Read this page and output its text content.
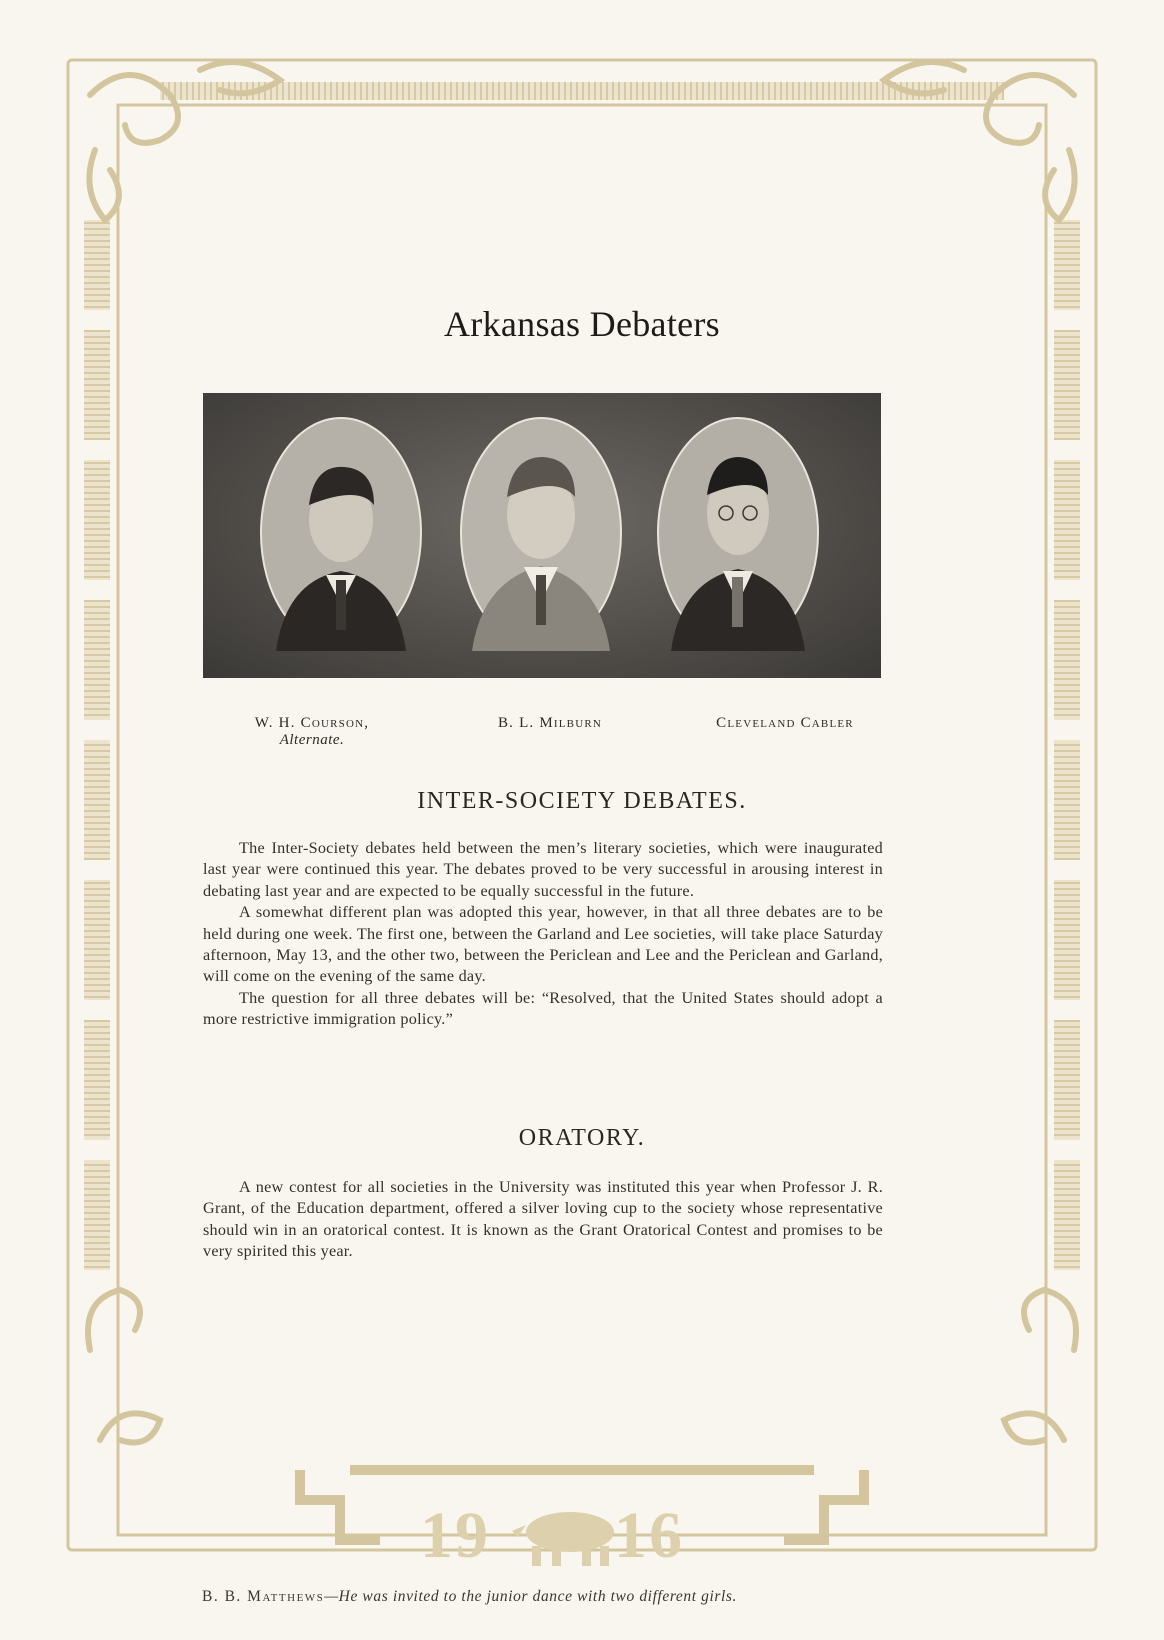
Arkansas Debaters
W. H. Courson,
Alternate.
B. L. Milburn	Cleveland Cabler
INTER-SOCIETY DEBATES.

The Inter-Society debates held between the men’s literary societies, which were inaugurated last year were continued this year. The debates proved to be very successful in arousing interest in debating last year and are expected to be equally successful in the future.

A somewhat different plan was adopted this year, however, in that all three debates are to be held during one week. The first one, between the Garland and Lee societies, will take place Saturday afternoon, May 13, and the other two, between the Periclean and Lee and the Periclean and Garland, will come on the evening of the same day.

The question for all three debates will be: “Resolved, that the United States should adopt a more restrictive immigration policy.”

ORATORY.

A new contest for all societies in the University was instituted this year when Professor J. R. Grant, of the Education department, offered a silver loving cup to the society whose representative should win in an oratorical contest. It is known as the Grant Oratorical Contest and promises to be very spirited this year.

19 16
B. B. Matthews—He was invited to the junior dance with two different girls.
